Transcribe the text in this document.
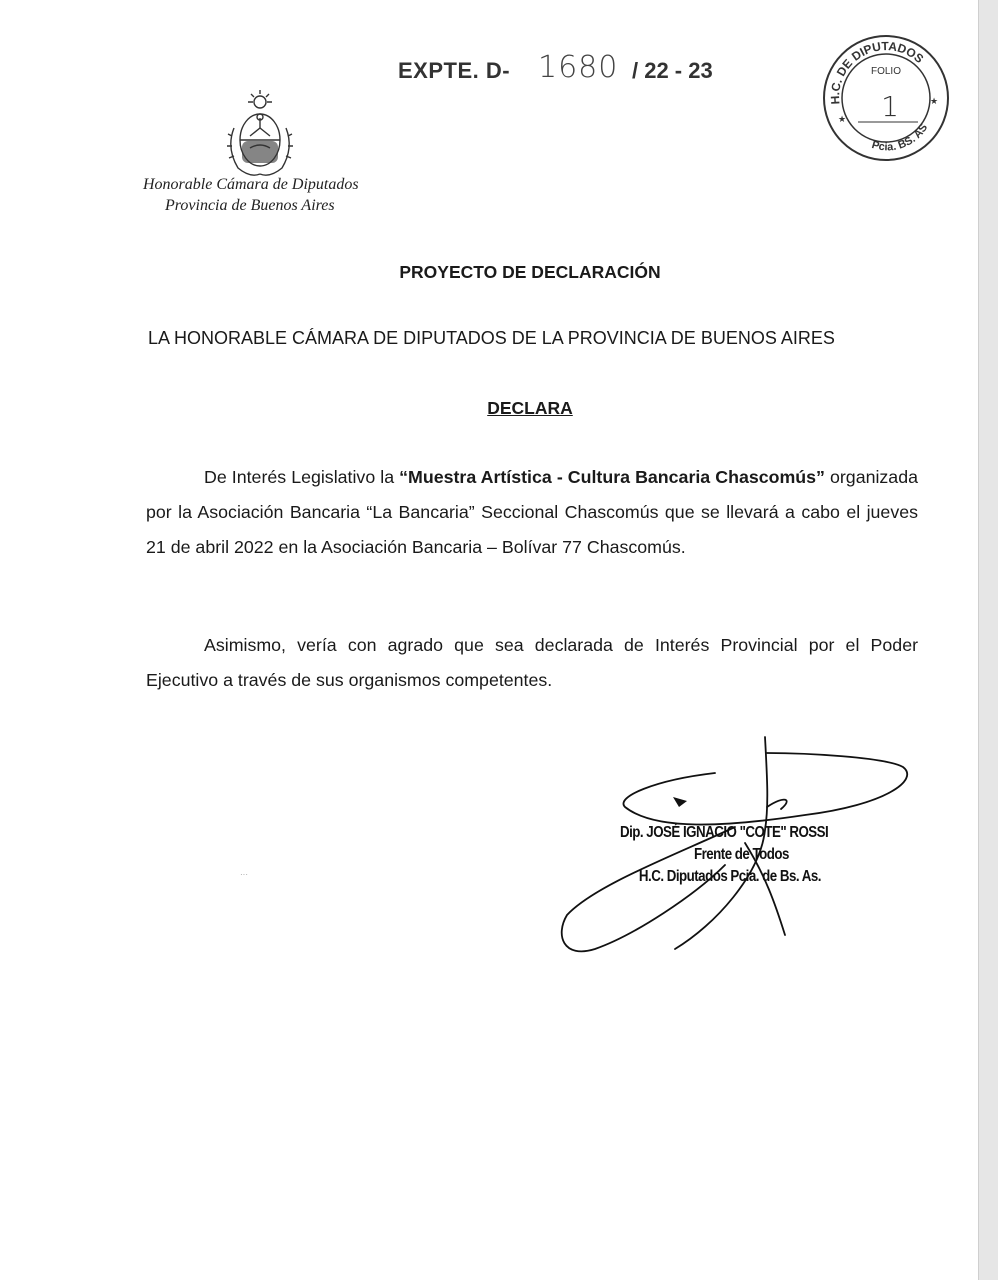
EXPTE. D- 1680 / 22 - 23
Honorable Cámara de Diputados
Provincia de Buenos Aires
H.C. DE DIPUTADOS
Pcia. BS. AS
FOLIO
1
★
★
PROYECTO DE DECLARACIÓN
LA HONORABLE CÁMARA DE DIPUTADOS DE LA PROVINCIA DE BUENOS AIRES
DECLARA
De Interés Legislativo la “Muestra Artística - Cultura Bancaria Chascomús” organizada por la Asociación Bancaria “La Bancaria” Seccional Chascomús que se llevará a cabo el jueves 21 de abril 2022 en la Asociación Bancaria – Bolívar 77 Chascomús.
Asimismo, vería con agrado que sea declarada de Interés Provincial por el Poder Ejecutivo a través de sus organismos competentes.
Dip. JOSÉ IGNACIO "COTE" ROSSI
Frente de Todos
H.C. Diputados Pcia. de Bs. As.
···
